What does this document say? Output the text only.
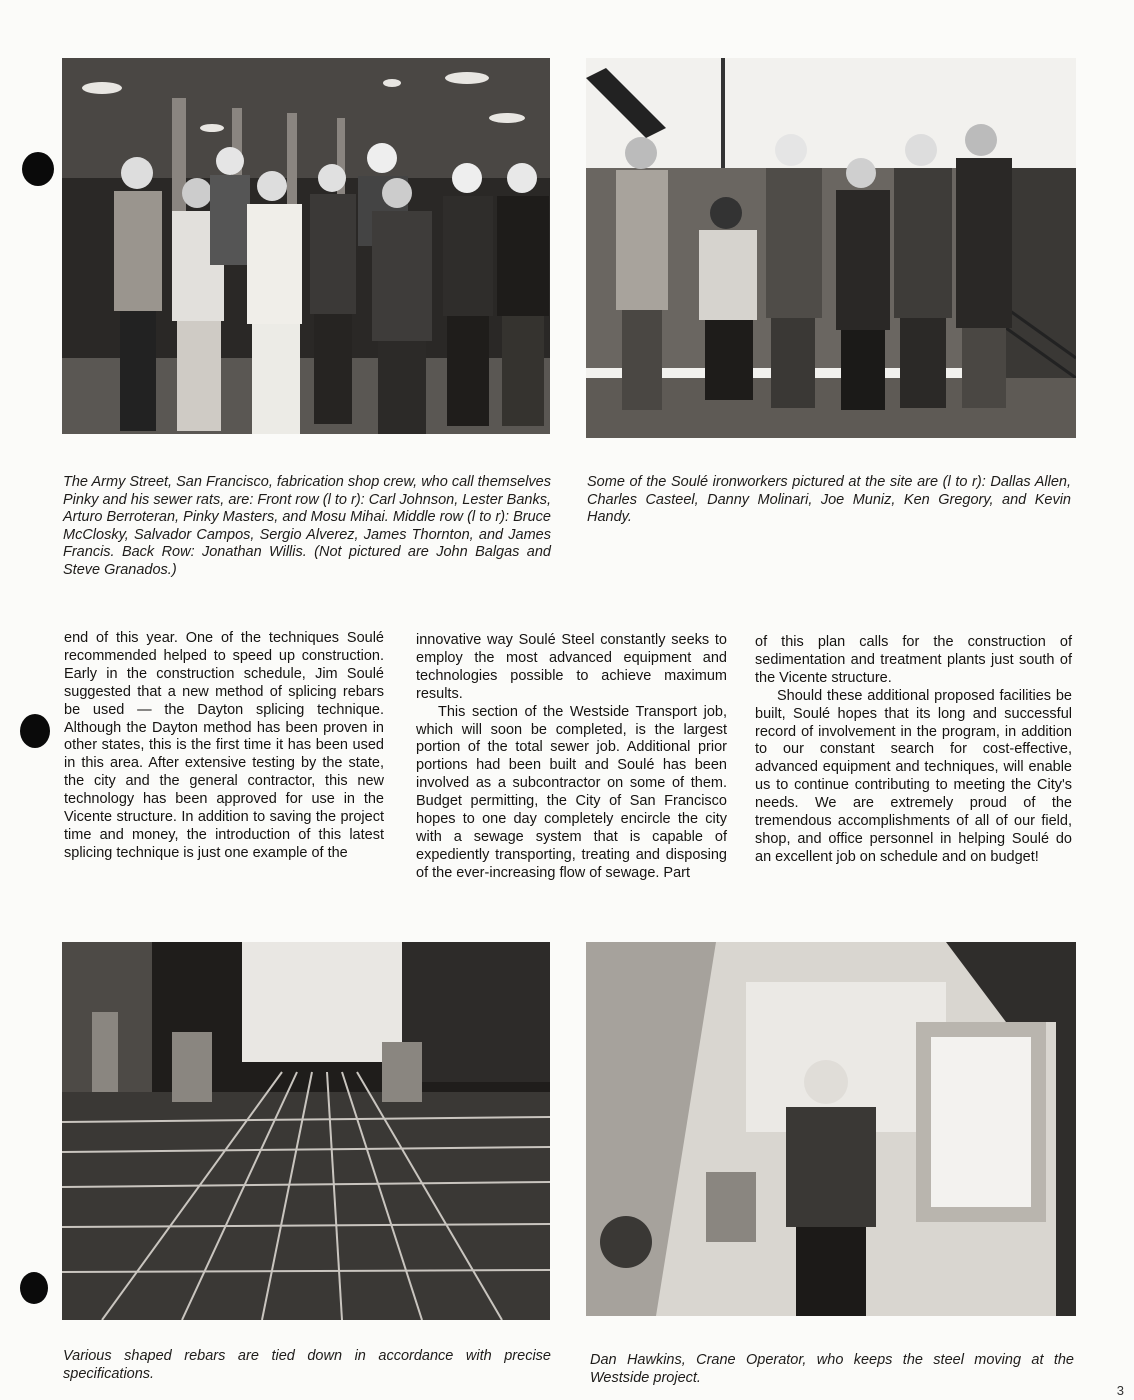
The Army Street, San Francisco, fabrication shop crew, who call themselves Pinky and his sewer rats, are: Front row (l to r): Carl Johnson, Lester Banks, Arturo Berroteran, Pinky Masters, and Mosu Mihai. Middle row (l to r): Bruce McClosky, Salvador Campos, Sergio Alverez, James Thornton, and James Francis. Back Row: Jonathan Willis. (Not pictured are John Balgas and Steve Granados.)
Some of the Soulé ironworkers pictured at the site are (l to r): Dallas Allen, Charles Casteel, Danny Molinari, Joe Muniz, Ken Gregory, and Kevin Handy.

end of this year. One of the techniques Soulé recommended helped to speed up construction. Early in the construction schedule, Jim Soulé suggested that a new method of splicing rebars be used — the Dayton splicing technique. Although the Dayton method has been proven in other states, this is the first time it has been used in this area. After extensive testing by the state, the city and the general contractor, this new technology has been approved for use in the Vicente structure. In addition to saving the project time and money, the introduction of this latest splicing technique is just one example of the

innovative way Soulé Steel constantly seeks to employ the most advanced equipment and technologies possible to achieve maximum results.

This section of the Westside Transport job, which will soon be completed, is the largest portion of the total sewer job. Additional prior portions had been built and Soulé has been involved as a subcontractor on some of them. Budget permitting, the City of San Francisco hopes to one day completely encircle the city with a sewage system that is capable of expediently transporting, treating and disposing of the ever-increasing flow of sewage. Part

of this plan calls for the construction of sedimentation and treatment plants just south of the Vicente structure.

Should these additional proposed facilities be built, Soulé hopes that its long and successful record of involvement in the program, in addition to our constant search for cost-effective, advanced equipment and techniques, will enable us to continue contributing to meeting the City's needs. We are extremely proud of the tremendous accomplishments of all of our field, shop, and office personnel in helping Soulé do an excellent job on schedule and on budget!

Various shaped rebars are tied down in accordance with precise specifications.
Dan Hawkins, Crane Operator, who keeps the steel moving at the Westside project.
3
